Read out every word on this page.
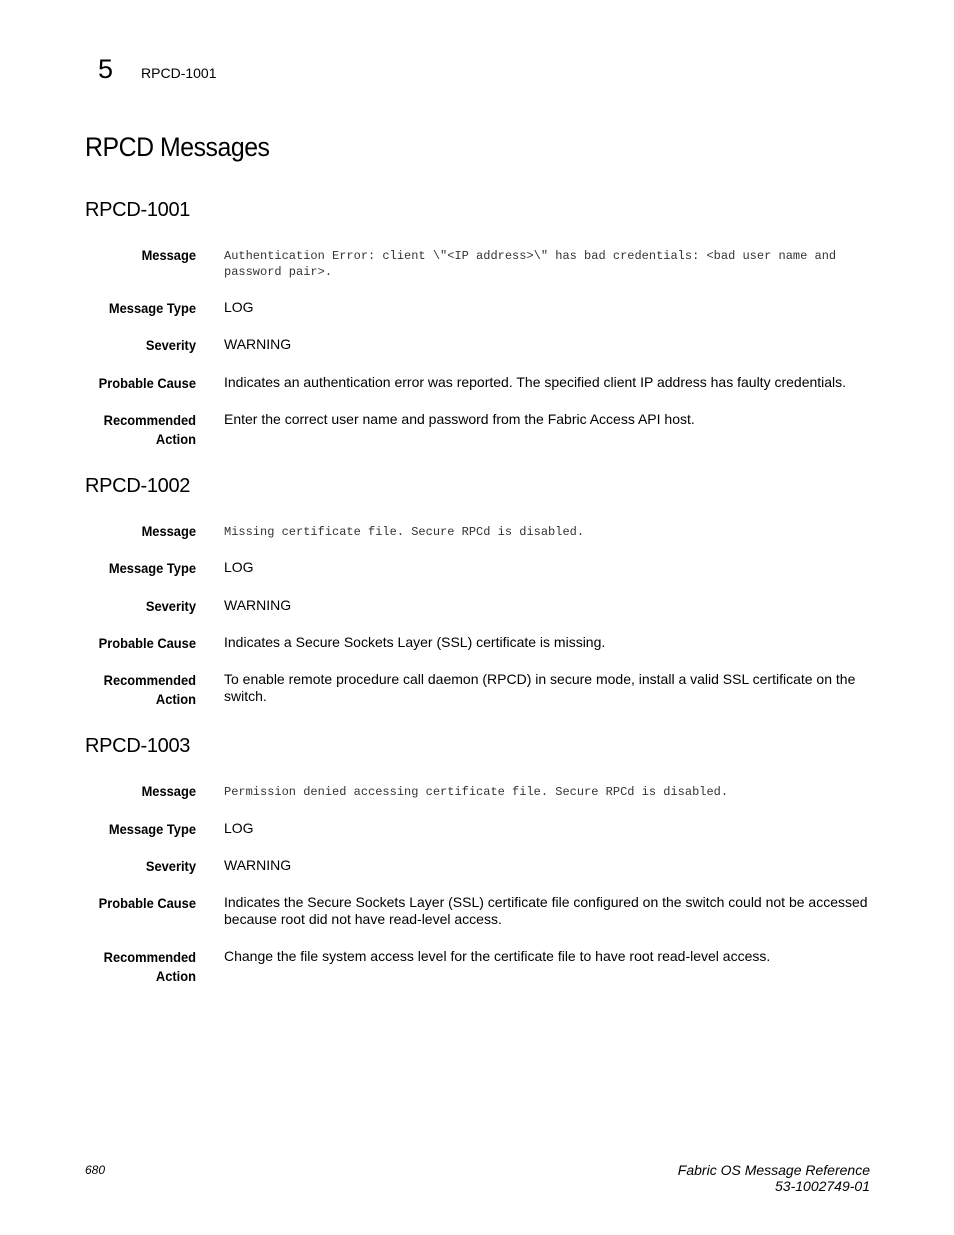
5 RPCD-1001
RPCD Messages
RPCD-1001
Message Authentication Error: client \"<IP address>\" has bad credentials: <bad user name and password pair>.
Message Type LOG
Severity WARNING
Probable Cause Indicates an authentication error was reported. The specified client IP address has faulty credentials.
Recommended
Action
Enter the correct user name and password from the Fabric Access API host.
RPCD-1002
Message Missing certificate file. Secure RPCd is disabled.
Message Type LOG
Severity WARNING
Probable Cause Indicates a Secure Sockets Layer (SSL) certificate is missing.
Recommended
Action
To enable remote procedure call daemon (RPCD) in secure mode, install a valid SSL certificate on the switch.
RPCD-1003
Message Permission denied accessing certificate file. Secure RPCd is disabled.
Message Type LOG
Severity WARNING
Probable Cause Indicates the Secure Sockets Layer (SSL) certificate file configured on the switch could not be accessed because root did not have read-level access.
Recommended
Action
Change the file system access level for the certificate file to have root read-level access.
680	Fabric OS Message Reference
53-1002749-01
